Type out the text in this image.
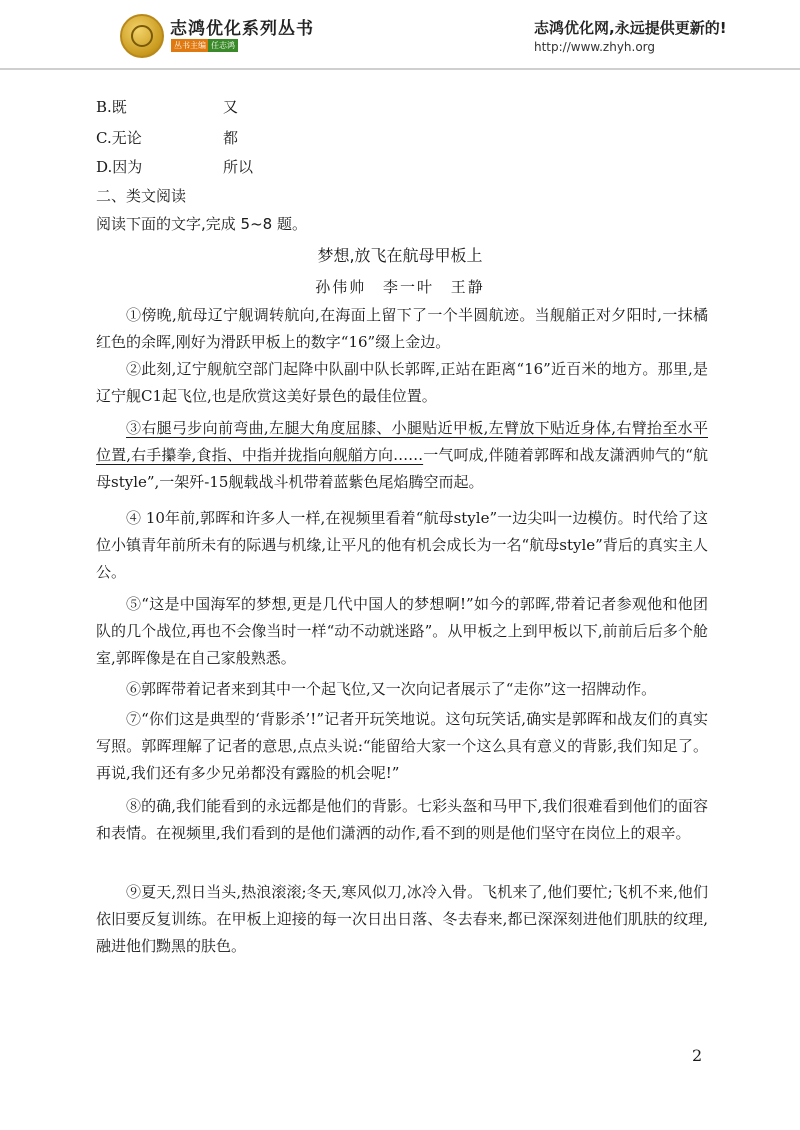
志鸿优化系列丛书
丛书主编 任志鸿
志鸿优化网,永远提供更新的!
http://www.zhyh.org
B.既	又
C.无论	都
D.因为	所以
二、类文阅读
阅读下面的文字,完成 5~8 题。
梦想,放飞在航母甲板上
孙伟帅 李一叶 王静
①傍晚,航母辽宁舰调转航向,在海面上留下了一个半圆航迹。当舰艏正对夕阳时,一抹橘红色的余晖,刚好为滑跃甲板上的数字“16”缀上金边。
②此刻,辽宁舰航空部门起降中队副中队长郭晖,正站在距离“16”近百米的地方。那里,是辽宁舰C1起飞位,也是欣赏这美好景色的最佳位置。
③右腿弓步向前弯曲,左腿大角度屈膝、小腿贴近甲板,左臂放下贴近身体,右臂抬至水平位置,右手攥拳,食指、中指并拢指向舰艏方向……一气呵成,伴随着郭晖和战友潇洒帅气的“航母style”,一架歼-15舰载战斗机带着蓝紫色尾焰腾空而起。
④ 10年前,郭晖和许多人一样,在视频里看着“航母style”一边尖叫一边模仿。时代给了这位小镇青年前所未有的际遇与机缘,让平凡的他有机会成长为一名“航母style”背后的真实主人公。
⑤“这是中国海军的梦想,更是几代中国人的梦想啊!”如今的郭晖,带着记者参观他和他团队的几个战位,再也不会像当时一样“动不动就迷路”。从甲板之上到甲板以下,前前后后多个舱室,郭晖像是在自己家般熟悉。
⑥郭晖带着记者来到其中一个起飞位,又一次向记者展示了“走你”这一招牌动作。
⑦“你们这是典型的‘背影杀’!”记者开玩笑地说。这句玩笑话,确实是郭晖和战友们的真实写照。郭晖理解了记者的意思,点点头说:“能留给大家一个这么具有意义的背影,我们知足了。再说,我们还有多少兄弟都没有露脸的机会呢!”
⑧的确,我们能看到的永远都是他们的背影。七彩头盔和马甲下,我们很难看到他们的面容和表情。在视频里,我们看到的是他们潇洒的动作,看不到的则是他们坚守在岗位上的艰辛。
⑨夏天,烈日当头,热浪滚滚;冬天,寒风似刀,冰冷入骨。飞机来了,他们要忙;飞机不来,他们依旧要反复训练。在甲板上迎接的每一次日出日落、冬去春来,都已深深刻进他们肌肤的纹理,融进他们黝黑的肤色。
2
